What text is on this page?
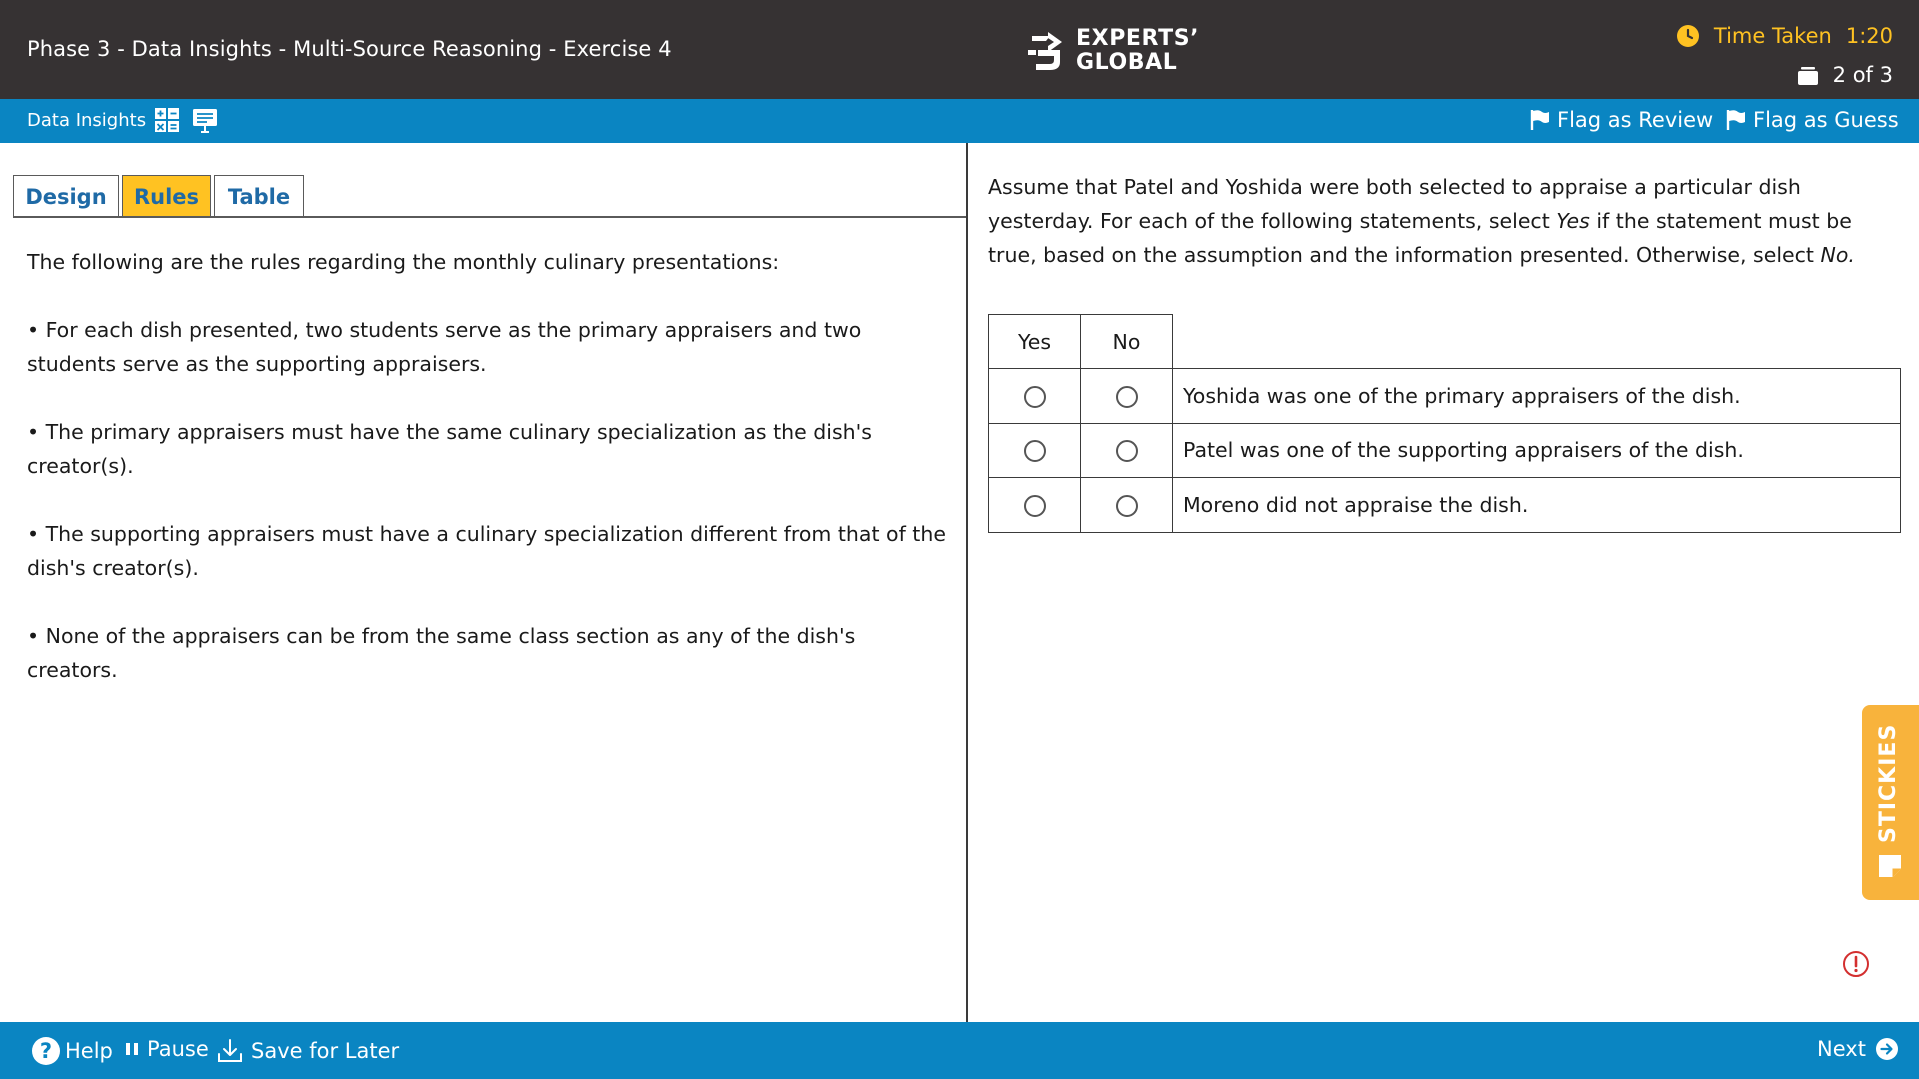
Phase 3 - Data Insights - Multi-Source Reasoning - Exercise 4	EXPERTS’
GLOBAL
Time Taken 1:20
2 of 3
Data Insights	Flag as Review Flag as Guess
Design	Rules	Table

The following are the rules regarding the monthly culinary presentations:

• For each dish presented, two students serve as the primary appraisers and two students serve as the supporting appraisers.

• The primary appraisers must have the same culinary specialization as the dish's creator(s).

• The supporting appraisers must have a culinary specialization different from that of the dish's creator(s).

• None of the appraisers can be from the same class section as any of the dish's creators.

Assume that Patel and Yoshida were both selected to appraise a particular dish yesterday. For each of the following statements, select Yes if the statement must be true, based on the assumption and the information presented. Otherwise, select No.
Yes	No	
		Yoshida was one of the primary appraisers of the dish.
		Patel was one of the supporting appraisers of the dish.
		Moreno did not appraise the dish.
STICKIES
? Help Pause Save for Later	Next
